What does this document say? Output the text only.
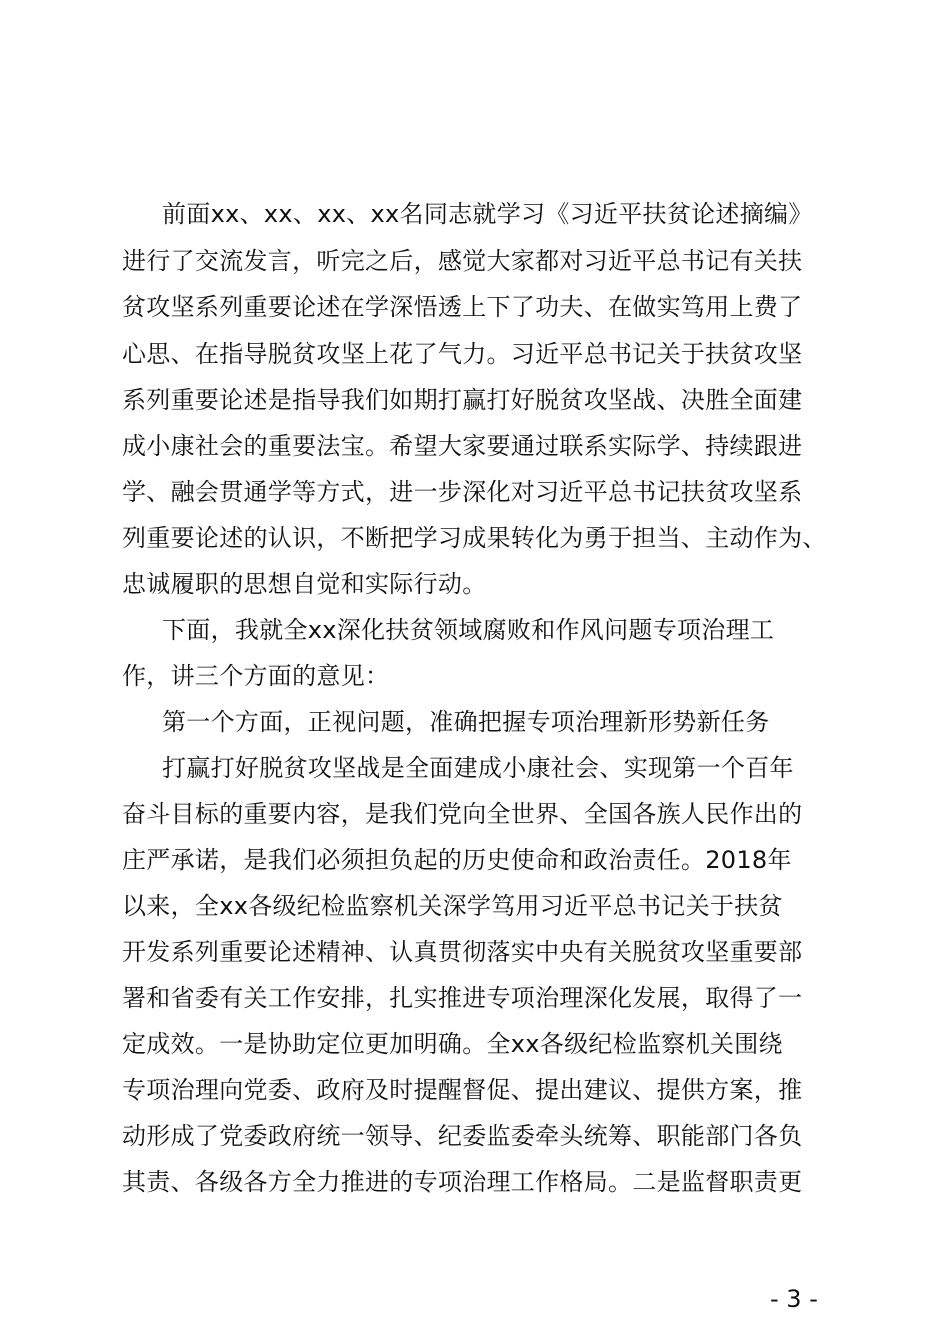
前面xx、xx、xx、xx名同志就学习《习近平扶贫论述摘编》
进行了交流发言，听完之后，感觉大家都对习近平总书记有关扶
贫攻坚系列重要论述在学深悟透上下了功夫、在做实笃用上费了
心思、在指导脱贫攻坚上花了气力。习近平总书记关于扶贫攻坚
系列重要论述是指导我们如期打赢打好脱贫攻坚战、决胜全面建
成小康社会的重要法宝。希望大家要通过联系实际学、持续跟进
学、融会贯通学等方式，进一步深化对习近平总书记扶贫攻坚系
列重要论述的认识，不断把学习成果转化为勇于担当、主动作为、
忠诚履职的思想自觉和实际行动。
下面，我就全xx深化扶贫领域腐败和作风问题专项治理工
作，讲三个方面的意见：
第一个方面，正视问题，准确把握专项治理新形势新任务
打赢打好脱贫攻坚战是全面建成小康社会、实现第一个百年
奋斗目标的重要内容，是我们党向全世界、全国各族人民作出的
庄严承诺，是我们必须担负起的历史使命和政治责任。2018年
以来，全xx各级纪检监察机关深学笃用习近平总书记关于扶贫
开发系列重要论述精神、认真贯彻落实中央有关脱贫攻坚重要部
署和省委有关工作安排，扎实推进专项治理深化发展，取得了一
定成效。一是协助定位更加明确。全xx各级纪检监察机关围绕
专项治理向党委、政府及时提醒督促、提出建议、提供方案，推
动形成了党委政府统一领导、纪委监委牵头统筹、职能部门各负
其责、各级各方全力推进的专项治理工作格局。二是监督职责更
- 3 -
